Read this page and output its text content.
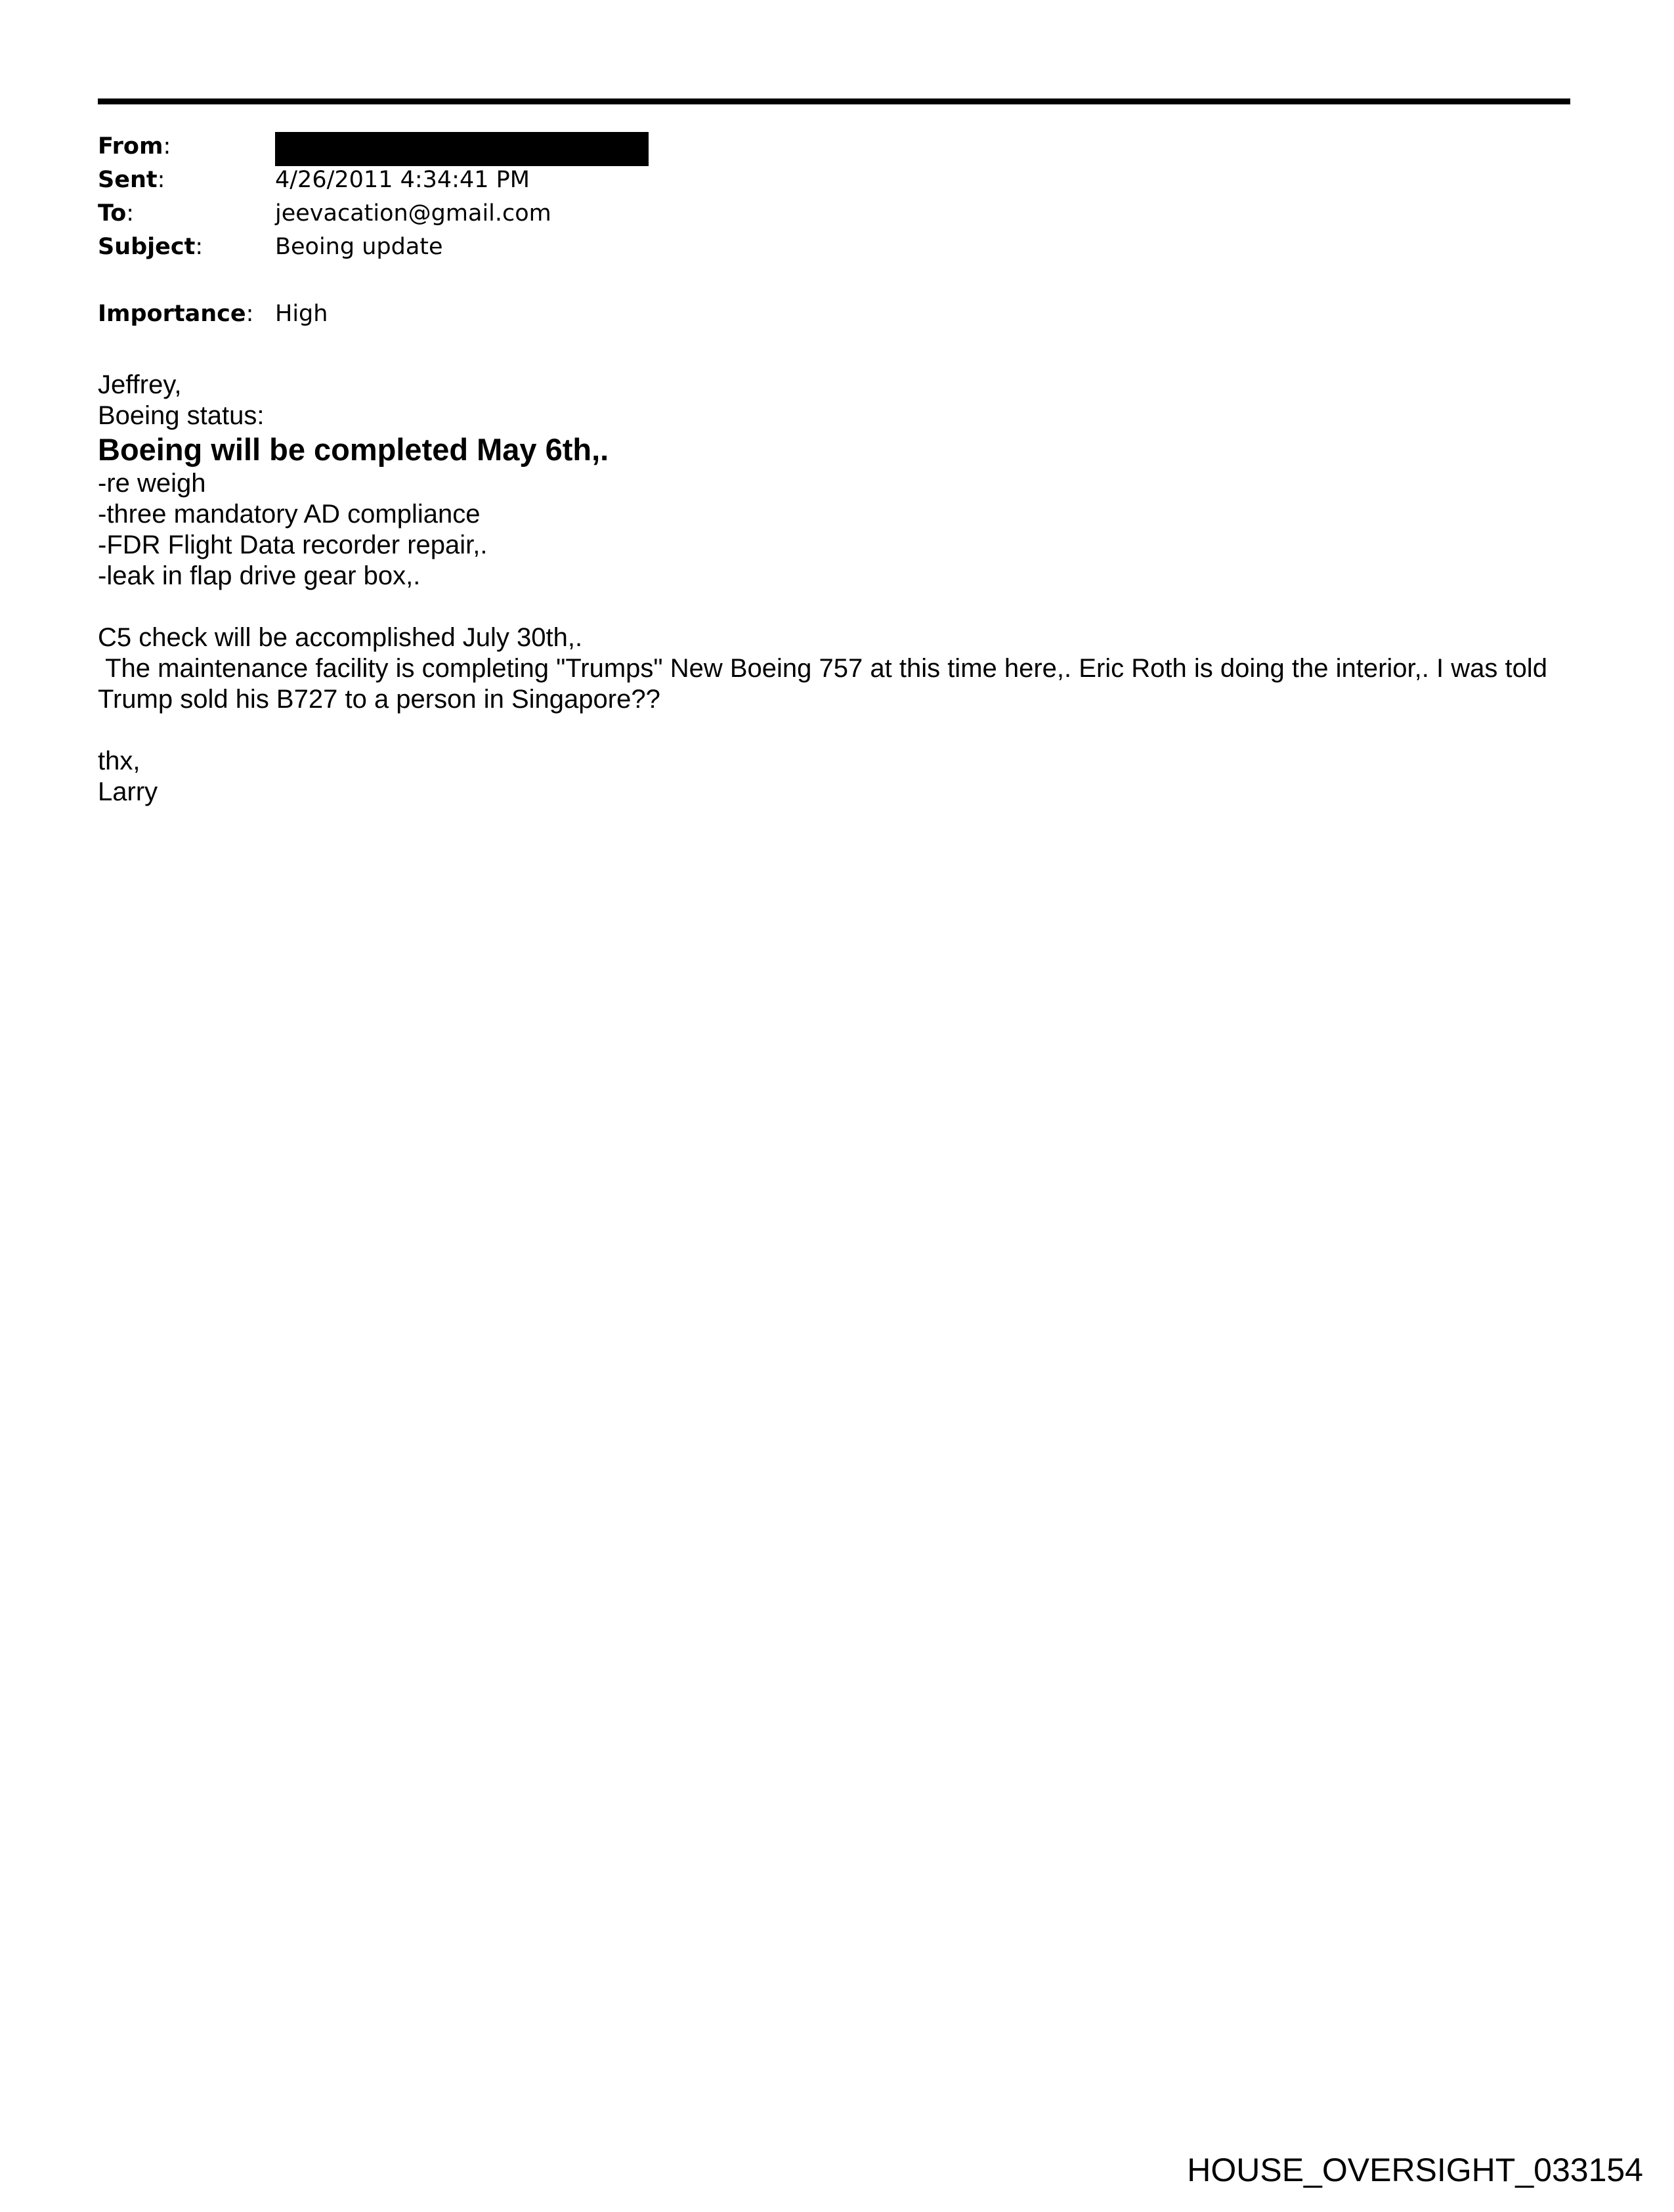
From:
Sent:	4/26/2011 4:34:41 PM
To:	jeevacation@gmail.com
Subject:	Beoing update
Importance: High
Jeffrey,
Boeing status:
Boeing will be completed May 6th,.
-re weigh
-three mandatory AD compliance
-FDR Flight Data recorder repair,.
-leak in flap drive gear box,.
C5 check will be accomplished July 30th,.
The maintenance facility is completing "Trumps" New Boeing 757 at this time here,. Eric Roth is doing the interior,. I was told Trump sold his B727 to a person in Singapore??
thx,
Larry
HOUSE_OVERSIGHT_033154
